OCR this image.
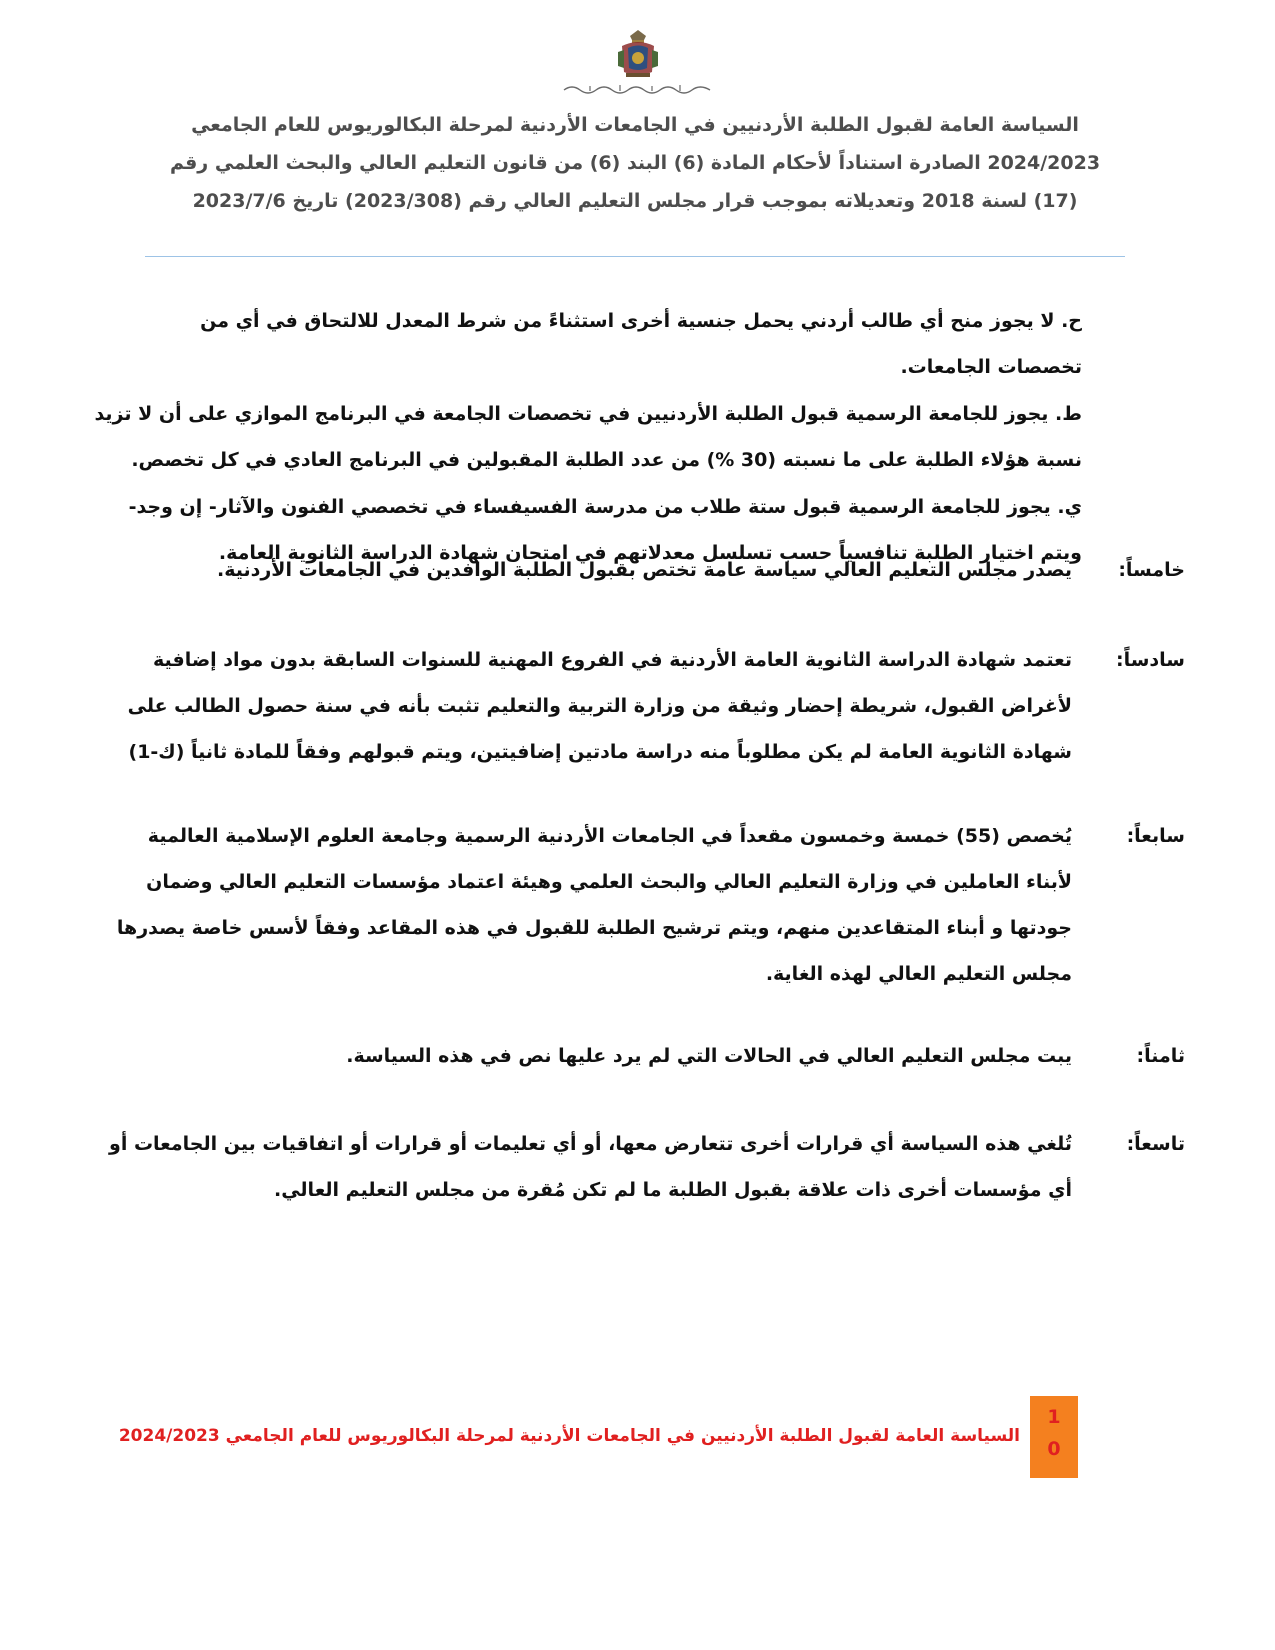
السياسة العامة لقبول الطلبة الأردنيين في الجامعات الأردنية لمرحلة البكالوريوس للعام الجامعي
2024/2023 الصادرة استناداً لأحكام المادة (6) البند (6) من قانون التعليم العالي والبحث العلمي رقم
(17) لسنة 2018 وتعديلاته بموجب قرار مجلس التعليم العالي رقم (2023/308) تاريخ 2023/7/6
ح. لا يجوز منح أي طالب أردني يحمل جنسية أخرى استثناءً من شرط المعدل للالتحاق في أي من
تخصصات الجامعات.
ط. يجوز للجامعة الرسمية قبول الطلبة الأردنيين في تخصصات الجامعة في البرنامج الموازي على أن لا تزيد
نسبة هؤلاء الطلبة على ما نسبته (30 %) من عدد الطلبة المقبولين في البرنامج العادي في كل تخصص.
ي. يجوز للجامعة الرسمية قبول ستة طلاب من مدرسة الفسيفساء في تخصصي الفنون والآثار- إن وجد-
ويتم اختيار الطلبة تنافسياً حسب تسلسل معدلاتهم في امتحان شهادة الدراسة الثانوية العامة.
خامساً:
يصدر مجلس التعليم العالي سياسة عامة تختص بقبول الطلبة الوافدين في الجامعات الأردنية.
سادساً:
تعتمد شهادة الدراسة الثانوية العامة الأردنية في الفروع المهنية للسنوات السابقة بدون مواد إضافية
لأغراض القبول، شريطة إحضار وثيقة من وزارة التربية والتعليم تثبت بأنه في سنة حصول الطالب على
شهادة الثانوية العامة لم يكن مطلوباً منه دراسة مادتين إضافيتين، ويتم قبولهم وفقاً للمادة ثانياً (ك-1)
سابعاً:
يُخصص (55) خمسة وخمسون مقعداً في الجامعات الأردنية الرسمية وجامعة العلوم الإسلامية العالمية
لأبناء العاملين في وزارة التعليم العالي والبحث العلمي وهيئة اعتماد مؤسسات التعليم العالي وضمان
جودتها و أبناء المتقاعدين منهم، ويتم ترشيح الطلبة للقبول في هذه المقاعد وفقاً لأسس خاصة يصدرها
مجلس التعليم العالي لهذه الغاية.
ثامناً:
يبت مجلس التعليم العالي في الحالات التي لم يرد عليها نص في هذه السياسة.
تاسعاً:
تُلغي هذه السياسة أي قرارات أخرى تتعارض معها، أو أي تعليمات أو قرارات أو اتفاقيات بين الجامعات أو
أي مؤسسات أخرى ذات علاقة بقبول الطلبة ما لم تكن مُقرة من مجلس التعليم العالي.
السياسة العامة لقبول الطلبة الأردنيين في الجامعات الأردنية لمرحلة البكالوريوس للعام الجامعي 2024/2023
1
0
